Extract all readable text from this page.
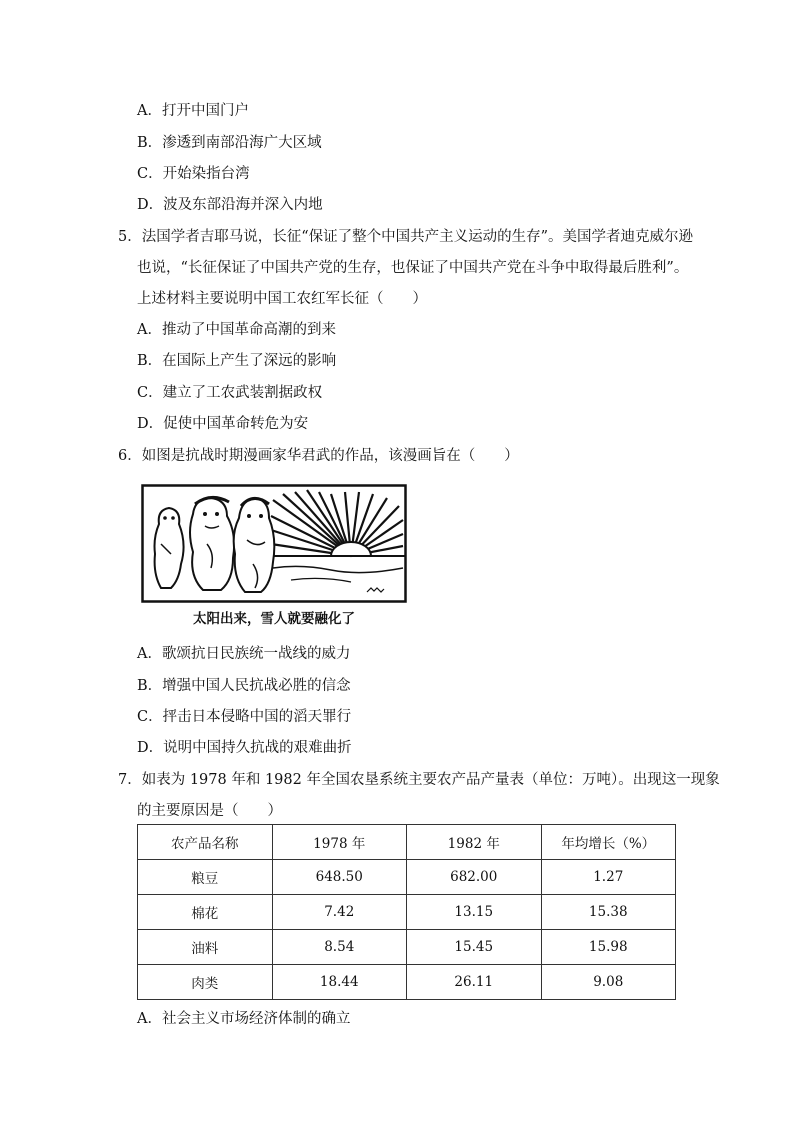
A．打开中国门户
B．渗透到南部沿海广大区域
C．开始染指台湾
D．波及东部沿海并深入内地
5．法国学者吉耶马说，长征“保证了整个中国共产主义运动的生存”。美国学者迪克威尔逊
也说，“长征保证了中国共产党的生存，也保证了中国共产党在斗争中取得最后胜利”。
上述材料主要说明中国工农红军长征（　　）
A．推动了中国革命高潮的到来
B．在国际上产生了深远的影响
C．建立了工农武装割据政权
D．促使中国革命转危为安
6．如图是抗战时期漫画家华君武的作品，该漫画旨在（　　）
太阳出来，雪人就要融化了
A．歌颂抗日民族统一战线的威力
B．增强中国人民抗战必胜的信念
C．抨击日本侵略中国的滔天罪行
D．说明中国持久抗战的艰难曲折
7．如表为 1978 年和 1982 年全国农垦系统主要农产品产量表（单位：万吨）。出现这一现象
的主要原因是（　　）
农产品名称	1978 年	1982 年	年均增长（%）
粮豆	648.50	682.00	1.27
棉花	7.42	13.15	15.38
油料	8.54	15.45	15.98
肉类	18.44	26.11	9.08
A．社会主义市场经济体制的确立
